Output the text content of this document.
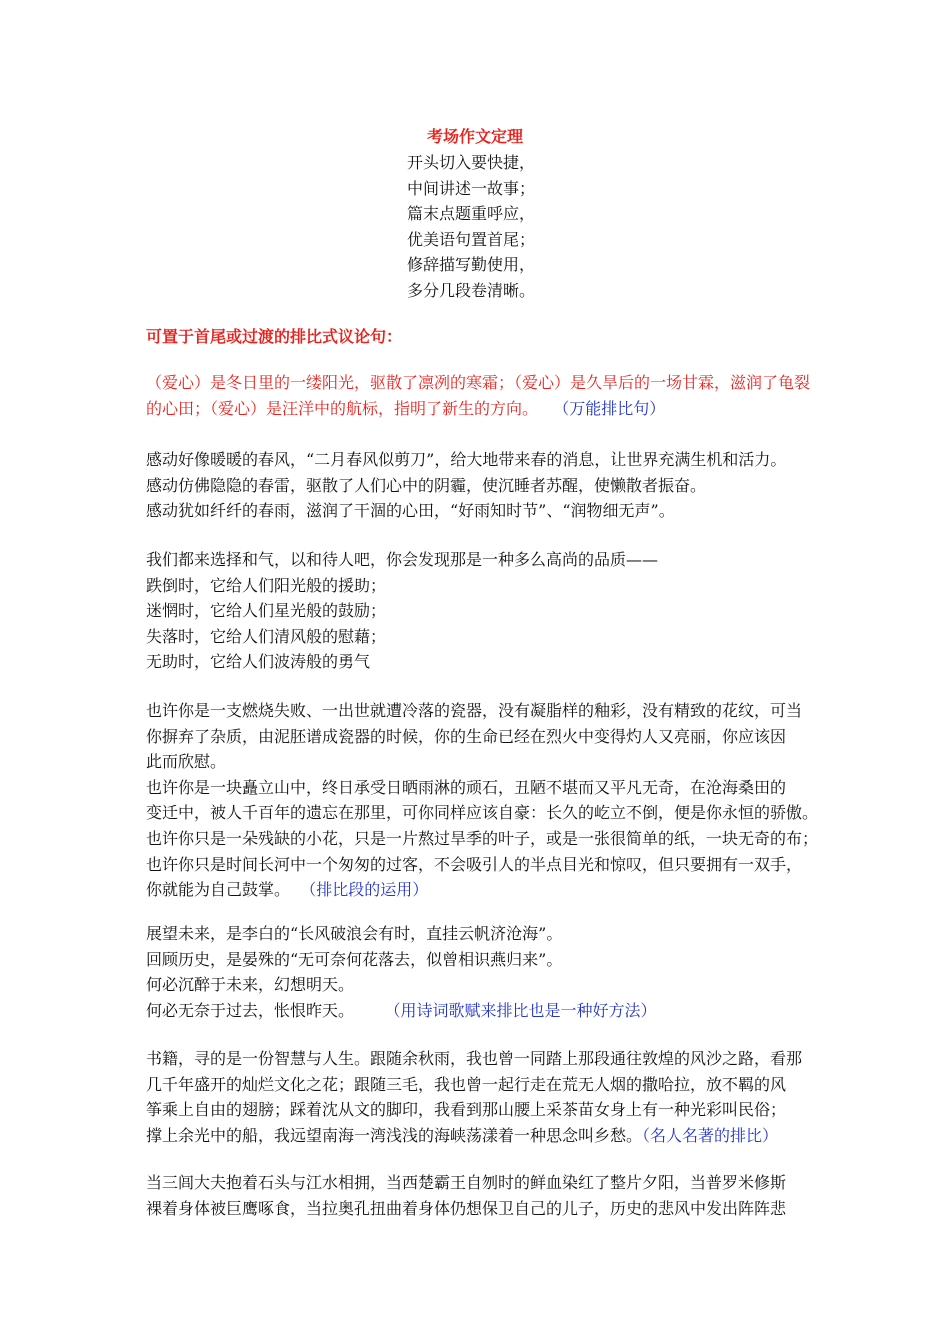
考场作文定理
开头切入要快捷，
中间讲述一故事；
篇末点题重呼应，
优美语句置首尾；
修辞描写勤使用，
多分几段卷清晰。
可置于首尾或过渡的排比式议论句：
（爱心）是冬日里的一缕阳光，驱散了凛冽的寒霜；（爱心）是久旱后的一场甘霖，滋润了龟裂
的心田；（爱心）是汪洋中的航标，指明了新生的方向。 （万能排比句）
感动好像暖暖的春风，“二月春风似剪刀”，给大地带来春的消息，让世界充满生机和活力。
感动仿佛隐隐的春雷，驱散了人们心中的阴霾，使沉睡者苏醒，使懒散者振奋。
感动犹如纤纤的春雨，滋润了干涸的心田，“好雨知时节”、“润物细无声”。
我们都来选择和气，以和待人吧，你会发现那是一种多么高尚的品质——
跌倒时，它给人们阳光般的援助；
迷惘时，它给人们星光般的鼓励；
失落时，它给人们清风般的慰藉；
无助时，它给人们波涛般的勇气
也许你是一支燃烧失败、一出世就遭冷落的瓷器，没有凝脂样的釉彩，没有精致的花纹，可当
你摒弃了杂质，由泥胚谱成瓷器的时候，你的生命已经在烈火中变得灼人又亮丽，你应该因
此而欣慰。
也许你是一块矗立山中，终日承受日晒雨淋的顽石，丑陋不堪而又平凡无奇，在沧海桑田的
变迁中，被人千百年的遗忘在那里，可你同样应该自豪：长久的屹立不倒，便是你永恒的骄傲。
也许你只是一朵残缺的小花，只是一片熬过旱季的叶子，或是一张很简单的纸，一块无奇的布；
也许你只是时间长河中一个匆匆的过客，不会吸引人的半点目光和惊叹，但只要拥有一双手，
你就能为自己鼓掌。 （排比段的运用）
展望未来，是李白的“长风破浪会有时，直挂云帆济沧海”。
回顾历史，是晏殊的“无可奈何花落去，似曾相识燕归来”。
何必沉醉于未来，幻想明天。
何必无奈于过去，怅恨昨天。 （用诗词歌赋来排比也是一种好方法）
书籍，寻的是一份智慧与人生。跟随余秋雨，我也曾一同踏上那段通往敦煌的风沙之路，看那
几千年盛开的灿烂文化之花；跟随三毛，我也曾一起行走在荒无人烟的撒哈拉，放不羁的风
筝乘上自由的翅膀；踩着沈从文的脚印，我看到那山腰上采茶苗女身上有一种光彩叫民俗；
撑上余光中的船，我远望南海一湾浅浅的海峡荡漾着一种思念叫乡愁。（名人名著的排比）
当三闾大夫抱着石头与江水相拥，当西楚霸王自刎时的鲜血染红了整片夕阳，当普罗米修斯
裸着身体被巨鹰啄食，当拉奥孔扭曲着身体仍想保卫自己的儿子，历史的悲风中发出阵阵悲
